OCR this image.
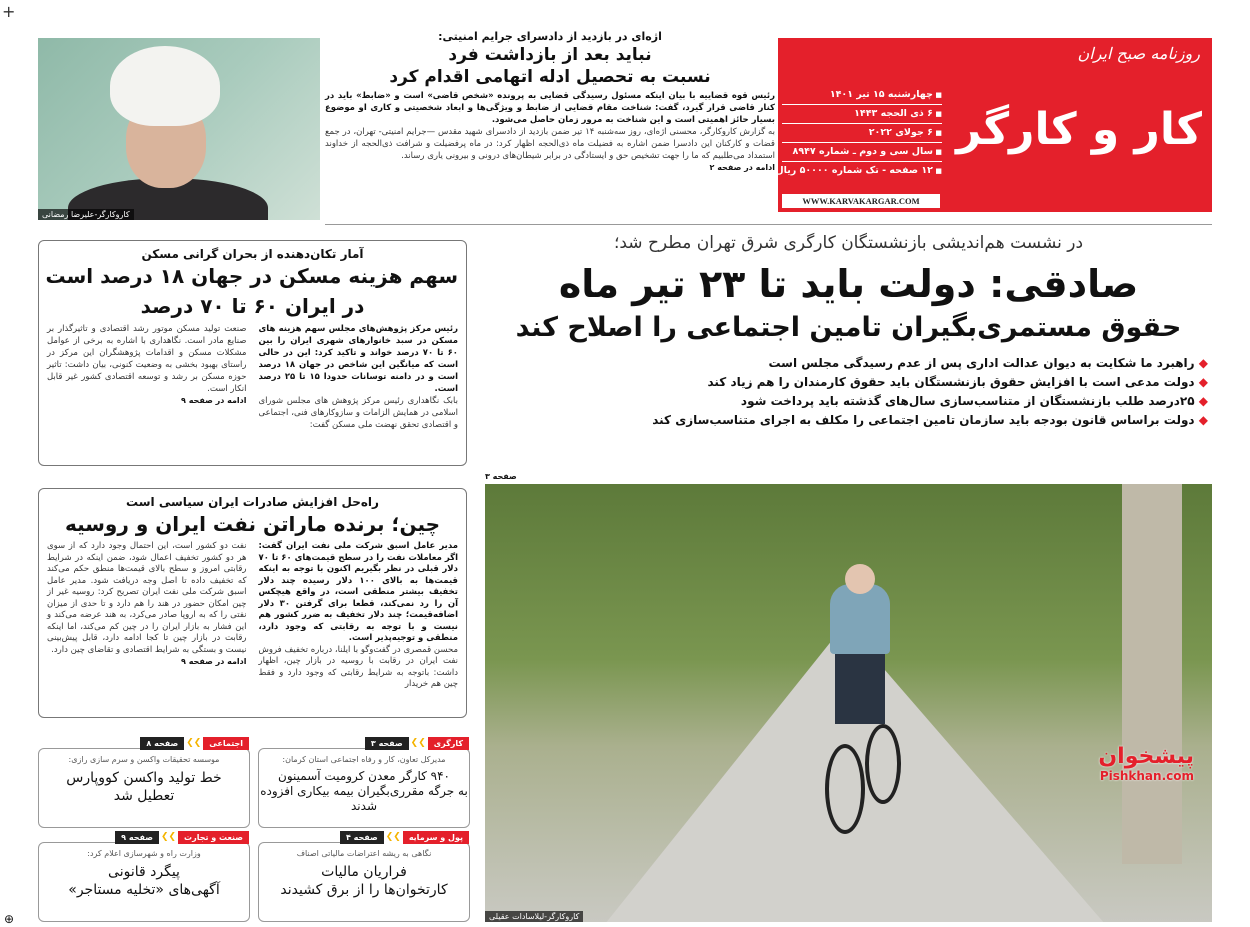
+
روزنامه صبح ایران
کار و کارگر
■ چهارشنبه ۱۵ تیر ۱۴۰۱
■ ۶ ذی الحجه ۱۴۴۳
■ ۶ جولای ۲۰۲۲
■ سال سی و دوم ـ شماره ۸۹۴۷
■ ۱۲ صفحه - تک شماره ۵۰۰۰۰ ریال
WWW.KARVAKARGAR.COM
کاروکارگر-علیرضا رمضانی
اژه‌ای در بازدید از دادسرای جرایم امنیتی:
نباید بعد از بازداشت فرد
نسبت به تحصیل ادله اتهامی اقدام کرد

رئیس قوه قضاییه با بیان اینکه مسئول رسیدگی قضایی به پرونده «شخص قاضی» است و «ضابط» باید در کنار قاضی قرار گیرد، گفت: شناخت مقام قضایی از ضابط و ویژگی‌ها و ابعاد شخصیتی و کاری او موضوع بسیار حائز اهمیتی است و این شناخت به مرور زمان حاصل می‌شود.

به گزارش کاروکارگر، محسنی اژه‌ای، روز سه‌شنبه ۱۴ تیر ضمن بازدید از دادسرای شهید مقدس —جرایم امنیتی- تهران، در جمع قضات و کارکنان این دادسرا ضمن اشاره به فضیلت ماه ذی‌الحجه اظهار کرد: در ماه پرفضیلت و شرافت ذی‌الحجه از خداوند استمداد می‌طلبیم که ما را جهت تشخیص حق و ایستادگی در برابر شیطان‌های درونی و بیرونی یاری رساند.

ادامه در صفحه ۲
در نشست هم‌اندیشی بازنشستگان کارگری شرق تهران مطرح شد؛
صادقی: دولت باید تا ۲۳ تیر ماه
حقوق مستمری‌بگیران تامین اجتماعی را اصلاح کند
◆ راهبرد ما شکایت به دیوان عدالت اداری پس از عدم رسیدگی مجلس است
◆ دولت مدعی است با افزایش حقوق بازنشستگان باید حقوق کارمندان را هم زیاد کند
◆ ۲۵درصد طلب بازنشستگان از متناسب‌سازی سال‌های گذشته باید پرداخت شود
◆ دولت براساس قانون بودجه باید سازمان تامین اجتماعی را مکلف به اجرای متناسب‌سازی کند
صفحه ۳
پیشخوان
Pishkhan.com
کاروکارگر-لیلاسادات عقیلی
آمار تکان‌دهنده از بحران گرانی مسکن
سهم هزینه مسکن در جهان ۱۸ درصد است
در ایران ۶۰ تا ۷۰ درصد

رئیس مرکز پژوهش‌های مجلس سهم هزینه های مسکن در سبد خانوارهای شهری ایران را بین ۶۰ تا ۷۰ درصد خواند و تاکید کرد: این در حالی است که میانگین این شاخص در جهان ۱۸ درصد است و در دامنه توسانات حدودا ۱۵ تا ۲۵ درصد است.

بابک نگاهداری رئیس مرکز پژوهش های مجلس شورای اسلامی در همایش الزامات و سازوکارهای فنی، اجتماعی و اقتصادی تحقق نهضت ملی مسکن گفت:

صنعت تولید مسکن موتور رشد اقتصادی و تاثیرگذار بر صنایع مادر است. نگاهداری با اشاره به برخی از عوامل مشکلات مسکن و اقدامات پژوهشگران این مرکز در راستای بهبود بخشی به وضعیت کنونی، بیان داشت: تاثیر حوزه مسکن بر رشد و توسعه اقتصادی کشور غیر قابل انکار است.

ادامه در صفحه ۹
راه‌حل افزایش صادرات ایران سیاسی است
چین؛ برنده ماراتن نفت ایران و روسیه

مدیر عامل اسبق شرکت ملی نفت ایران گفت: اگر معاملات نفت را در سطح قیمت‌های ۶۰ تا ۷۰ دلار قبلی در نظر بگیریم اکنون با توجه به اینکه قیمت‌ها به بالای ۱۰۰ دلار رسیده چند دلار تخفیف بیشتر منطقی است، در واقع هیچکس آن را رد نمی‌کند، قطعا برای گرفتن ۳۰ دلار اضافه‌قیمت؛ چند دلار تخفیف به ضرر کشور هم نیست و با توجه به رقابتی که وجود دارد، منطقی و توجیه‌پذیر است.

محسن قمصری در گفت‌وگو با ایلنا، درباره تخفیف فروش نفت ایران در رقابت با روسیه در بازار چین، اظهار داشت: باتوجه به شرایط رقابتی که وجود دارد و فقط چین هم خریدار

نفت دو کشور است، این احتمال وجود دارد که از سوی هر دو کشور تخفیف اعمال شود، ضمن اینکه در شرایط رقابتی امروز و سطح بالای قیمت‌ها منطق حکم می‌کند که تخفیف داده تا اصل وجه دریافت شود. مدیر عامل اسبق شرکت ملی نفت ایران تصریح کرد: روسیه غیر از چین امکان حضور در هند را هم دارد و تا حدی از میزان نفتی را که به اروپا صادر می‌کرد، به هند عرضه می‌کند و این فشار به بازار ایران را در چین کم می‌کند، اما اینکه رقابت در بازار چین تا کجا ادامه دارد، قابل پیش‌بینی نیست و بستگی به شرایط اقتصادی و تقاضای چین دارد.

ادامه در صفحه ۹
کارگری
❯❯
صفحه ۳
مدیرکل تعاون، کار و رفاه اجتماعی استان کرمان:
۹۴۰ کارگر معدن کرومیت آسمینون
به جرگه مقرری‌بگیران بیمه بیکاری افزوده شدند
اجتماعی
❯❯
صفحه ۸
موسسه تحقیقات واکسن و سرم سازی رازی:
خط تولید واکسن کووپارس
تعطیل شد
پول و سرمایه
❯❯
صفحه ۴
نگاهی به ریشه اعتراضات مالیاتی اصناف
فراریان مالیات
کارتخوان‌ها را از برق کشیدند
صنعت و تجارت
❯❯
صفحه ۹
وزارت راه و شهرسازی اعلام کرد:
پیگرد قانونی
آگهی‌های «تخلیه مستاجر»
⊕
